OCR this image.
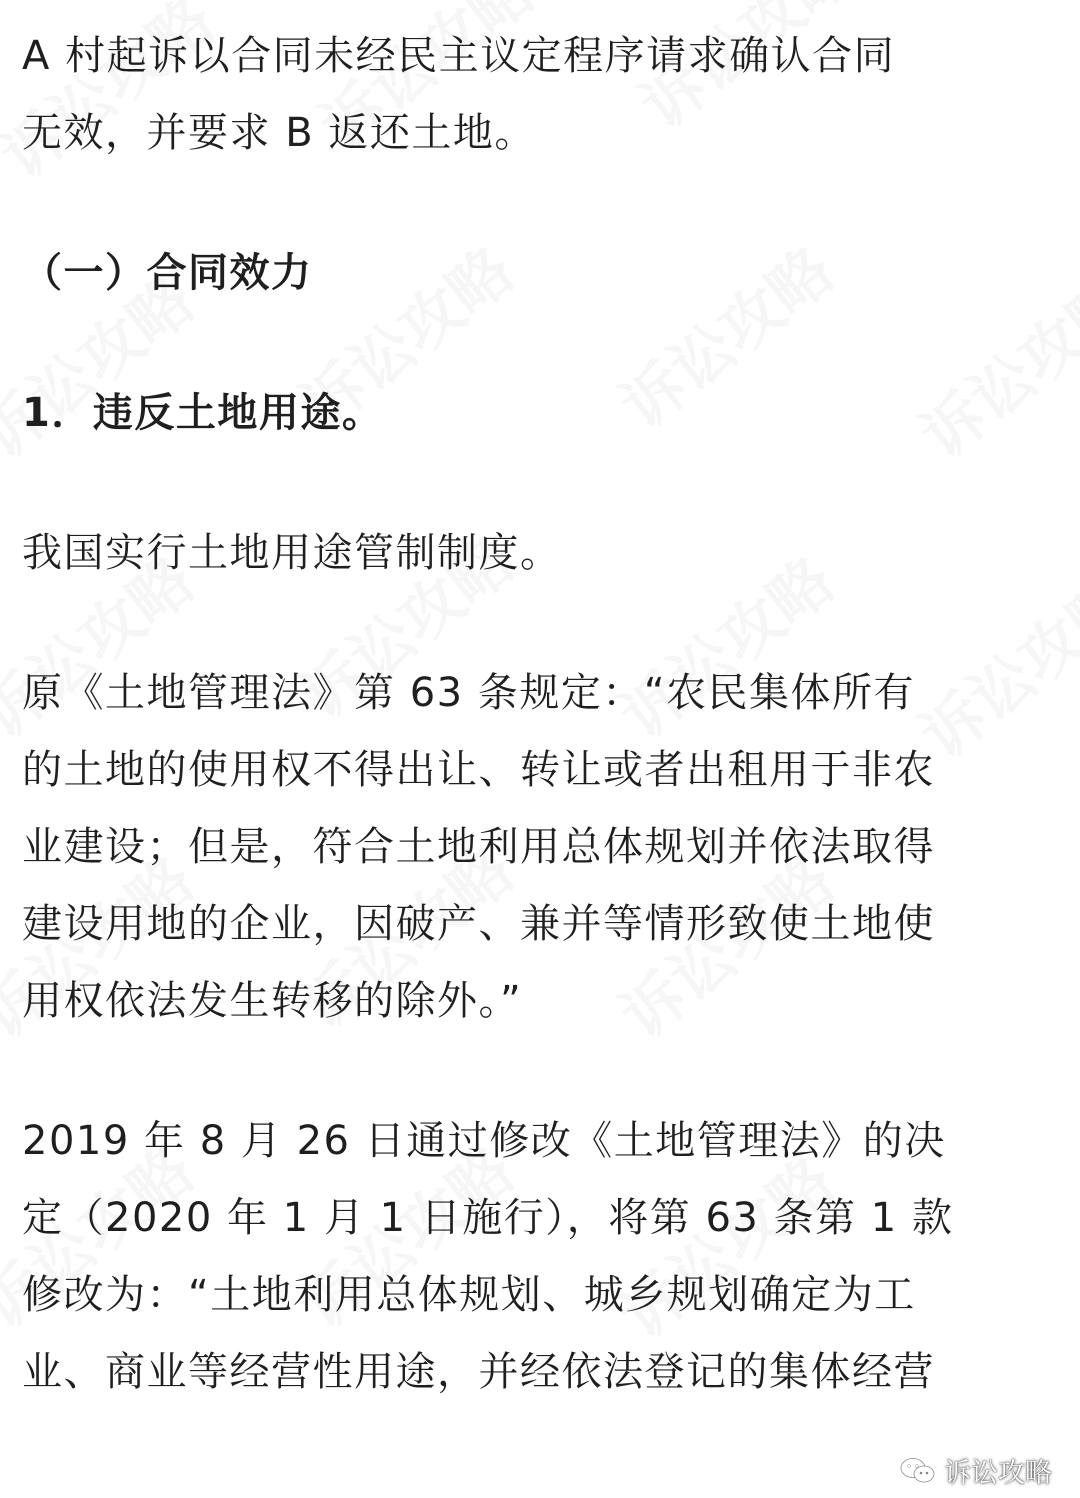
A 村起诉以合同未经民主议定程序请求确认合同

无效，并要求 B 返还土地。

（一）合同效力

1．违反土地用途。

我国实行土地用途管制制度。

原《土地管理法》第 63 条规定：“农民集体所有

的土地的使用权不得出让、转让或者出租用于非农

业建设；但是，符合土地利用总体规划并依法取得

建设用地的企业，因破产、兼并等情形致使土地使

用权依法发生转移的除外。”

2019 年 8 月 26 日通过修改《土地管理法》的决

定（2020 年 1 月 1 日施行），将第 63 条第 1 款

修改为：“土地利用总体规划、城乡规划确定为工

业、商业等经营性用途，并经依法登记的集体经营

诉讼攻略
